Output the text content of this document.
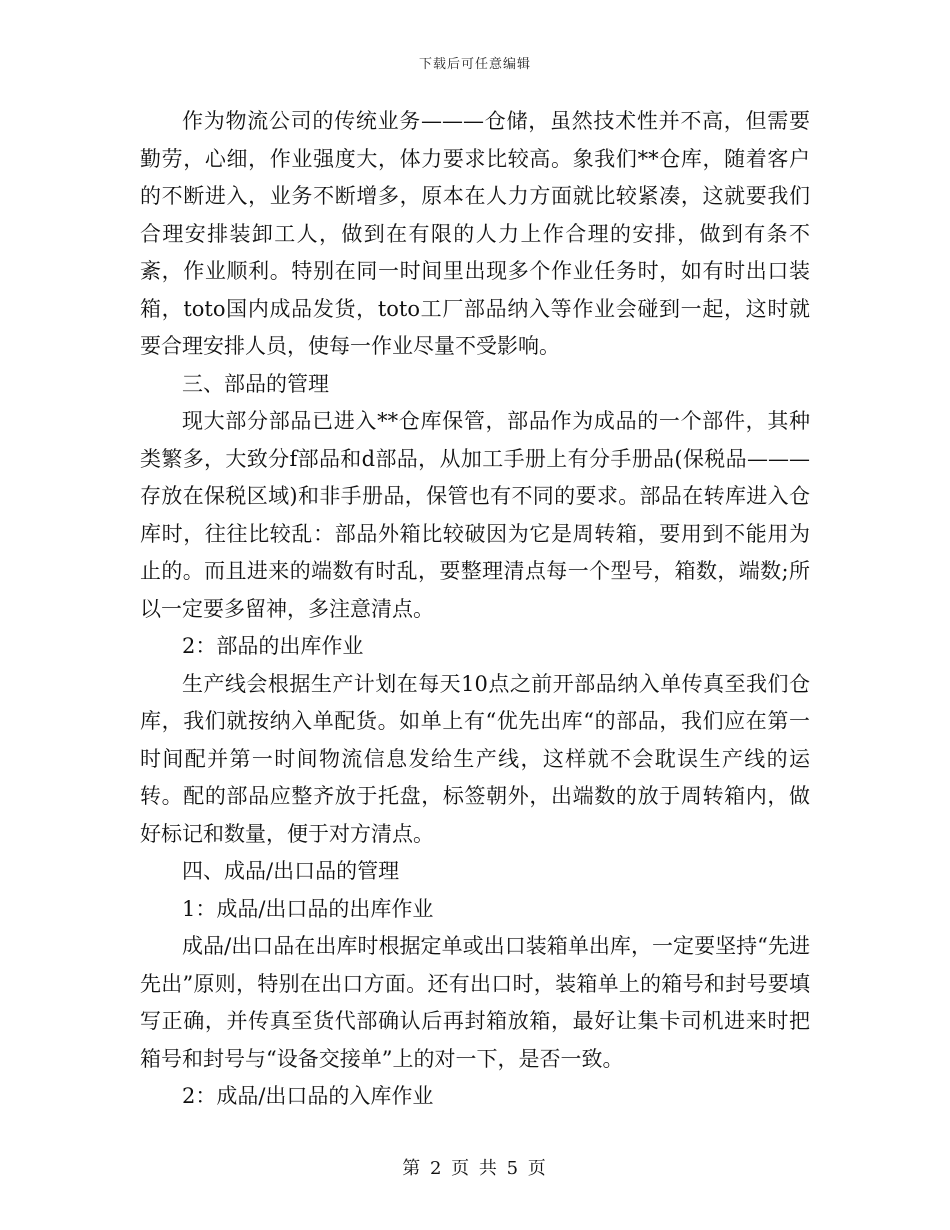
下载后可任意编辑

作为物流公司的传统业务———仓储，虽然技术性并不高，但需要勤劳，心细，作业强度大，体力要求比较高。象我们**仓库，随着客户的不断进入，业务不断增多，原本在人力方面就比较紧凑，这就要我们合理安排装卸工人，做到在有限的人力上作合理的安排，做到有条不紊，作业顺利。特别在同一时间里出现多个作业任务时，如有时出口装箱，toto国内成品发货，toto工厂部品纳入等作业会碰到一起，这时就要合理安排人员，使每一作业尽量不受影响。

三、部品的管理

现大部分部品已进入**仓库保管，部品作为成品的一个部件，其种类繁多，大致分f部品和d部品，从加工手册上有分手册品(保税品———存放在保税区域)和非手册品，保管也有不同的要求。部品在转库进入仓库时，往往比较乱：部品外箱比较破因为它是周转箱，要用到不能用为止的。而且进来的端数有时乱，要整理清点每一个型号，箱数，端数;所以一定要多留神，多注意清点。

2：部品的出库作业

生产线会根据生产计划在每天10点之前开部品纳入单传真至我们仓库，我们就按纳入单配货。如单上有“优先出库“的部品，我们应在第一时间配并第一时间物流信息发给生产线，这样就不会耽误生产线的运转。配的部品应整齐放于托盘，标签朝外，出端数的放于周转箱内，做好标记和数量，便于对方清点。

四、成品/出口品的管理

1：成品/出口品的出库作业

成品/出口品在出库时根据定单或出口装箱单出库，一定要坚持“先进先出”原则，特别在出口方面。还有出口时，装箱单上的箱号和封号要填写正确，并传真至货代部确认后再封箱放箱，最好让集卡司机进来时把箱号和封号与“设备交接单”上的对一下，是否一致。

2：成品/出口品的入库作业

第 2 页 共 5 页
